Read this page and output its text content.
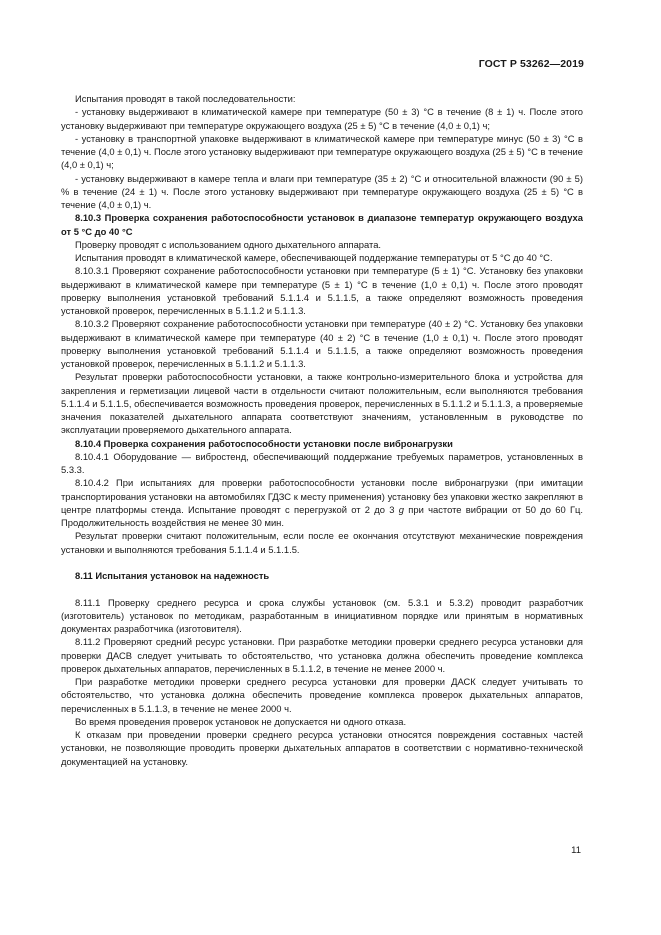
ГОСТ Р 53262—2019

Испытания проводят в такой последовательности:

- установку выдерживают в климатической камере при температуре (50 ± 3) °С в течение (8 ± 1) ч. После этого установку выдерживают при температуре окружающего воздуха (25 ± 5) °С в течение (4,0 ± 0,1) ч;

- установку в транспортной упаковке выдерживают в климатической камере при температуре минус (50 ± 3) °С в течение (4,0 ± 0,1) ч. После этого установку выдерживают при температуре окружающего воздуха (25 ± 5) °С в течение (4,0 ± 0,1) ч;

- установку выдерживают в камере тепла и влаги при температуре (35 ± 2) °С и относительной влажности (90 ± 5) % в течение (24 ± 1) ч. После этого установку выдерживают при температуре окружающего воздуха (25 ± 5) °С в течение (4,0 ± 0,1) ч.

8.10.3 Проверка сохранения работоспособности установок в диапазоне температур окружающего воздуха от 5 °С до 40 °С

Проверку проводят с использованием одного дыхательного аппарата.

Испытания проводят в климатической камере, обеспечивающей поддержание температуры от 5 °С до 40 °С.

8.10.3.1 Проверяют сохранение работоспособности установки при температуре (5 ± 1) °С. Установку без упаковки выдерживают в климатической камере при температуре (5 ± 1) °С в течение (1,0 ± 0,1) ч. После этого проводят проверку выполнения установкой требований 5.1.1.4 и 5.1.1.5, а также определяют возможность проведения установкой проверок, перечисленных в 5.1.1.2 и 5.1.1.3.

8.10.3.2 Проверяют сохранение работоспособности установки при температуре (40 ± 2) °С. Установку без упаковки выдерживают в климатической камере при температуре (40 ± 2) °С в течение (1,0 ± 0,1) ч. После этого проводят проверку выполнения установкой требований 5.1.1.4 и 5.1.1.5, а также определяют возможность проведения установкой проверок, перечисленных в 5.1.1.2 и 5.1.1.3.

Результат проверки работоспособности установки, а также контрольно-измерительного блока и устройства для закрепления и герметизации лицевой части в отдельности считают положительным, если выполняются требования 5.1.1.4 и 5.1.1.5, обеспечивается возможность проведения проверок, перечисленных в 5.1.1.2 и 5.1.1.3, а проверяемые значения показателей дыхательного аппарата соответствуют значениям, установленным в руководстве по эксплуатации проверяемого дыхательного аппарата.

8.10.4 Проверка сохранения работоспособности установки после вибронагрузки

8.10.4.1 Оборудование — вибростенд, обеспечивающий поддержание требуемых параметров, установленных в 5.3.3.

8.10.4.2 При испытаниях для проверки работоспособности установки после вибронагрузки (при имитации транспортирования установки на автомобилях ГДЗС к месту применения) установку без упаковки жестко закрепляют в центре платформы стенда. Испытание проводят с перегрузкой от 2 до 3 g при частоте вибрации от 50 до 60 Гц. Продолжительность воздействия не менее 30 мин.

Результат проверки считают положительным, если после ее окончания отсутствуют механические повреждения установки и выполняются требования 5.1.1.4 и 5.1.1.5.

8.11 Испытания установок на надежность

8.11.1 Проверку среднего ресурса и срока службы установок (см. 5.3.1 и 5.3.2) проводит разработчик (изготовитель) установок по методикам, разработанным в инициативном порядке или принятым в нормативных документах разработчика (изготовителя).

8.11.2 Проверяют средний ресурс установки. При разработке методики проверки среднего ресурса установки для проверки ДАСВ следует учитывать то обстоятельство, что установка должна обеспечить проведение комплекса проверок дыхательных аппаратов, перечисленных в 5.1.1.2, в течение не менее 2000 ч.

При разработке методики проверки среднего ресурса установки для проверки ДАСК следует учитывать то обстоятельство, что установка должна обеспечить проведение комплекса проверок дыхательных аппаратов, перечисленных в 5.1.1.3, в течение не менее 2000 ч.

Во время проведения проверок установок не допускается ни одного отказа.

К отказам при проведении проверки среднего ресурса установки относятся повреждения составных частей установки, не позволяющие проводить проверки дыхательных аппаратов в соответствии с нормативно-технической документацией на установку.

11
